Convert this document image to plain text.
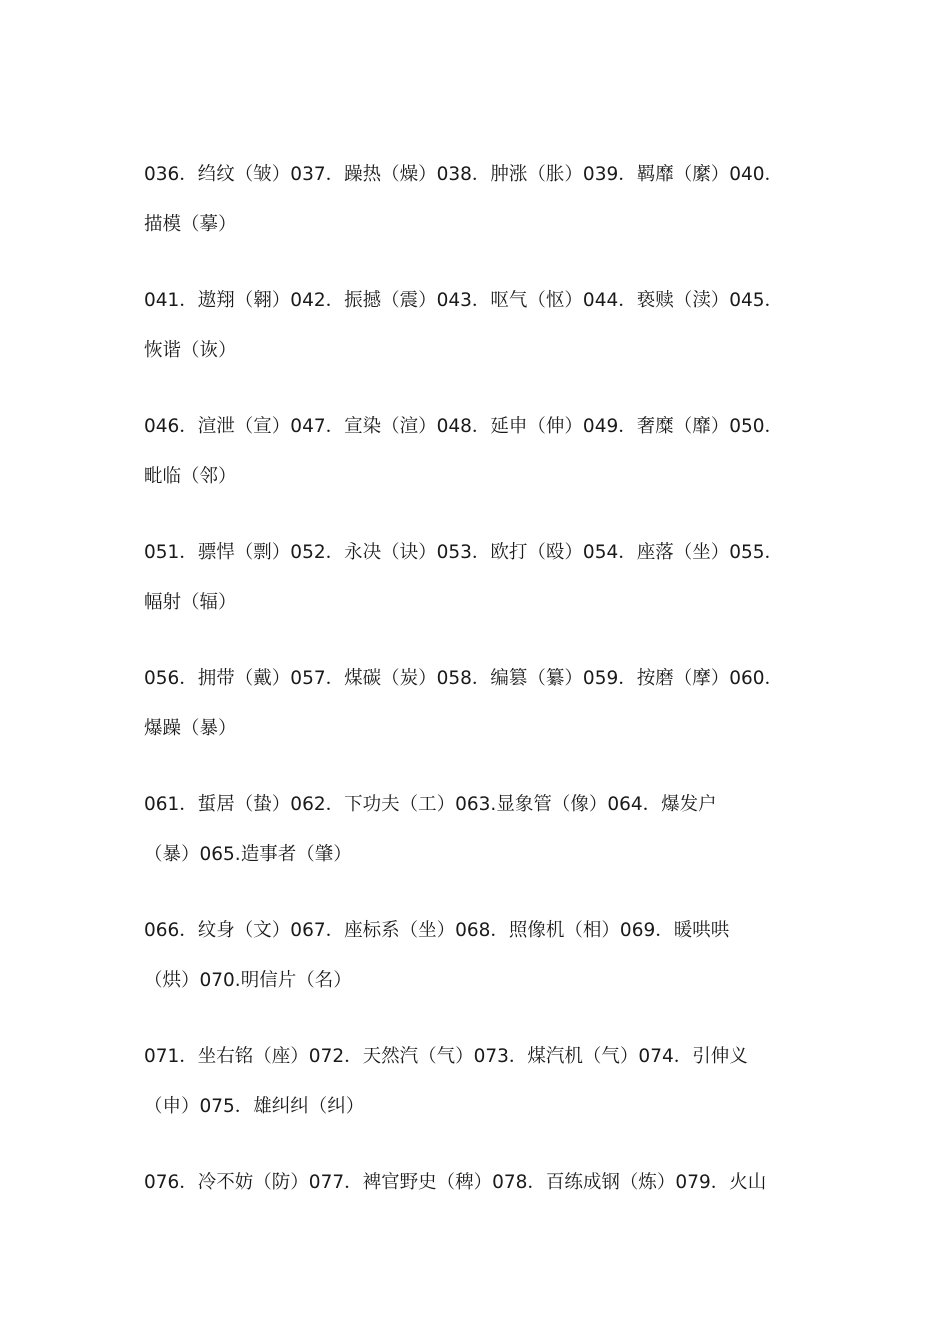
036．绉纹（皱）037．躁热（燥）038．肿涨（胀）039．羁靡（縻）040．
描模（摹）
041．遨翔（翱）042．振撼（震）043．呕气（怄）044．亵赎（渎）045．
恢谐（诙）
046．渲泄（宣）047．宣染（渲）048．延申（伸）049．奢糜（靡）050．
毗临（邻）
051．骠悍（剽）052．永决（诀）053．欧打（殴）054．座落（坐）055．
幅射（辐）
056．拥带（戴）057．煤碳（炭）058．编篡（纂）059．按磨（摩）060．
爆躁（暴）
061．蜇居（蛰）062．下功夫（工）063.显象管（像）064．爆发户
（暴）065.造事者（肇）
066．纹身（文）067．座标系（坐）068．照像机（相）069．暖哄哄
（烘）070.明信片（名）
071．坐右铭（座）072．天然汽（气）073．煤汽机（气）074．引伸义
（申）075．雄纠纠（纠）
076．冷不妨（防）077．裨官野史（稗）078．百练成钢（炼）079．火山
